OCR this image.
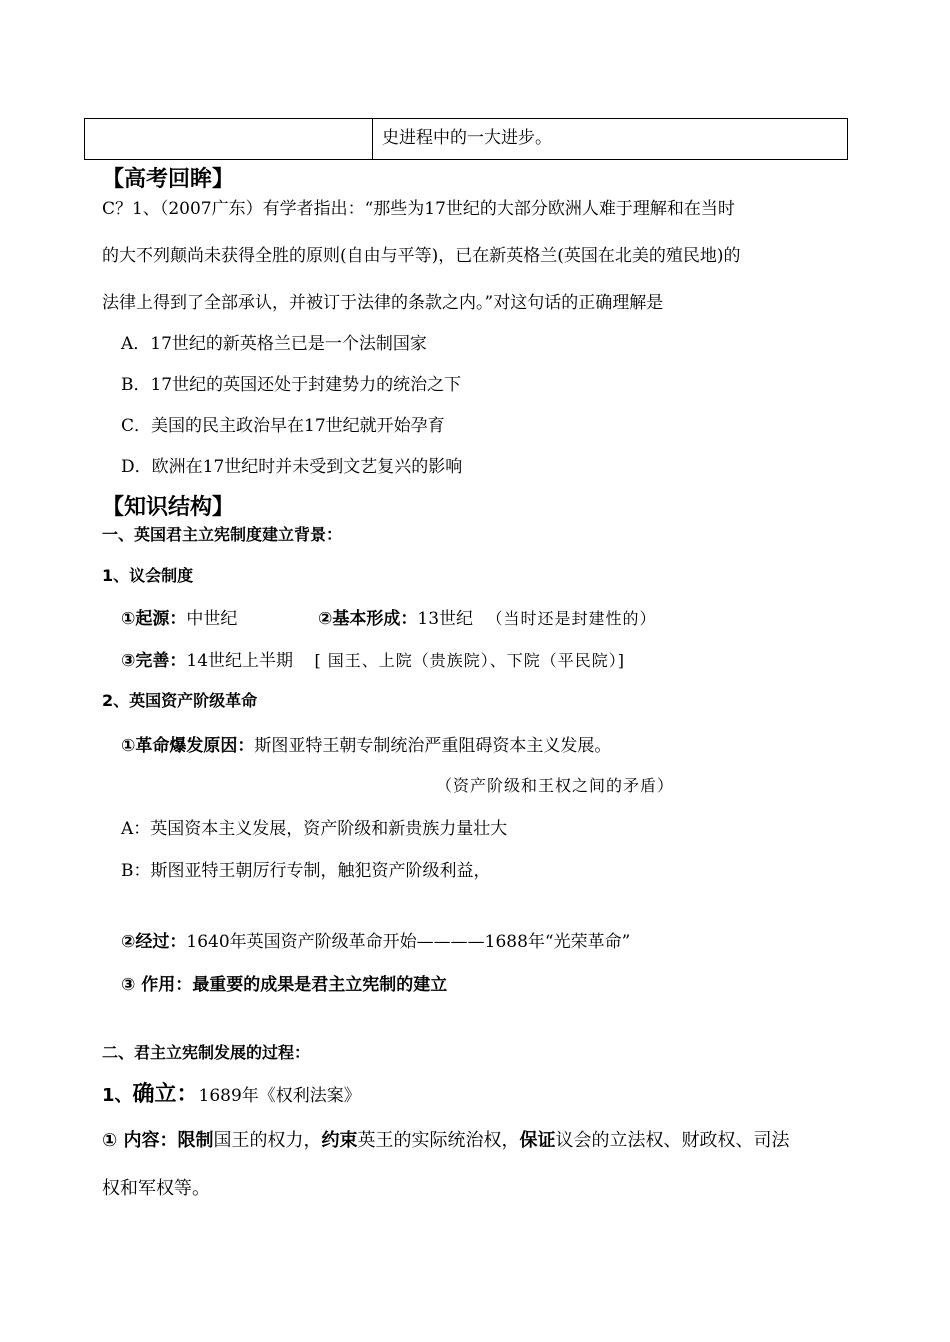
史进程中的一大进步。
【高考回眸】
C？1、（2007广东）有学者指出：“那些为17世纪的大部分欧洲人难于理解和在当时
的大不列颠尚未获得全胜的原则(自由与平等)，已在新英格兰(英国在北美的殖民地)的
法律上得到了全部承认，并被订于法律的条款之内。”对这句话的正确理解是
A．17世纪的新英格兰已是一个法制国家
B．17世纪的英国还处于封建势力的统治之下
C．美国的民主政治早在17世纪就开始孕育
D．欧洲在17世纪时并未受到文艺复兴的影响
【知识结构】
一、英国君主立宪制度建立背景：
1、议会制度
①起源：中世纪	②基本形成：13世纪 （当时还是封建性的）
③完善：14世纪上半期 [ 国王、上院（贵族院）、下院（平民院）]
2、英国资产阶级革命
①革命爆发原因：斯图亚特王朝专制统治严重阻碍资本主义发展。
（资产阶级和王权之间的矛盾）
A：英国资本主义发展，资产阶级和新贵族力量壮大
B：斯图亚特王朝厉行专制，触犯资产阶级利益，
②经过：1640年英国资产阶级革命开始————1688年“光荣革命”
③ 作用：最重要的成果是君主立宪制的建立
二、君主立宪制发展的过程：
1、确立：1689年《权利法案》
① 内容：限制国王的权力，约束英王的实际统治权，保证议会的立法权、财政权、司法
权和军权等。
